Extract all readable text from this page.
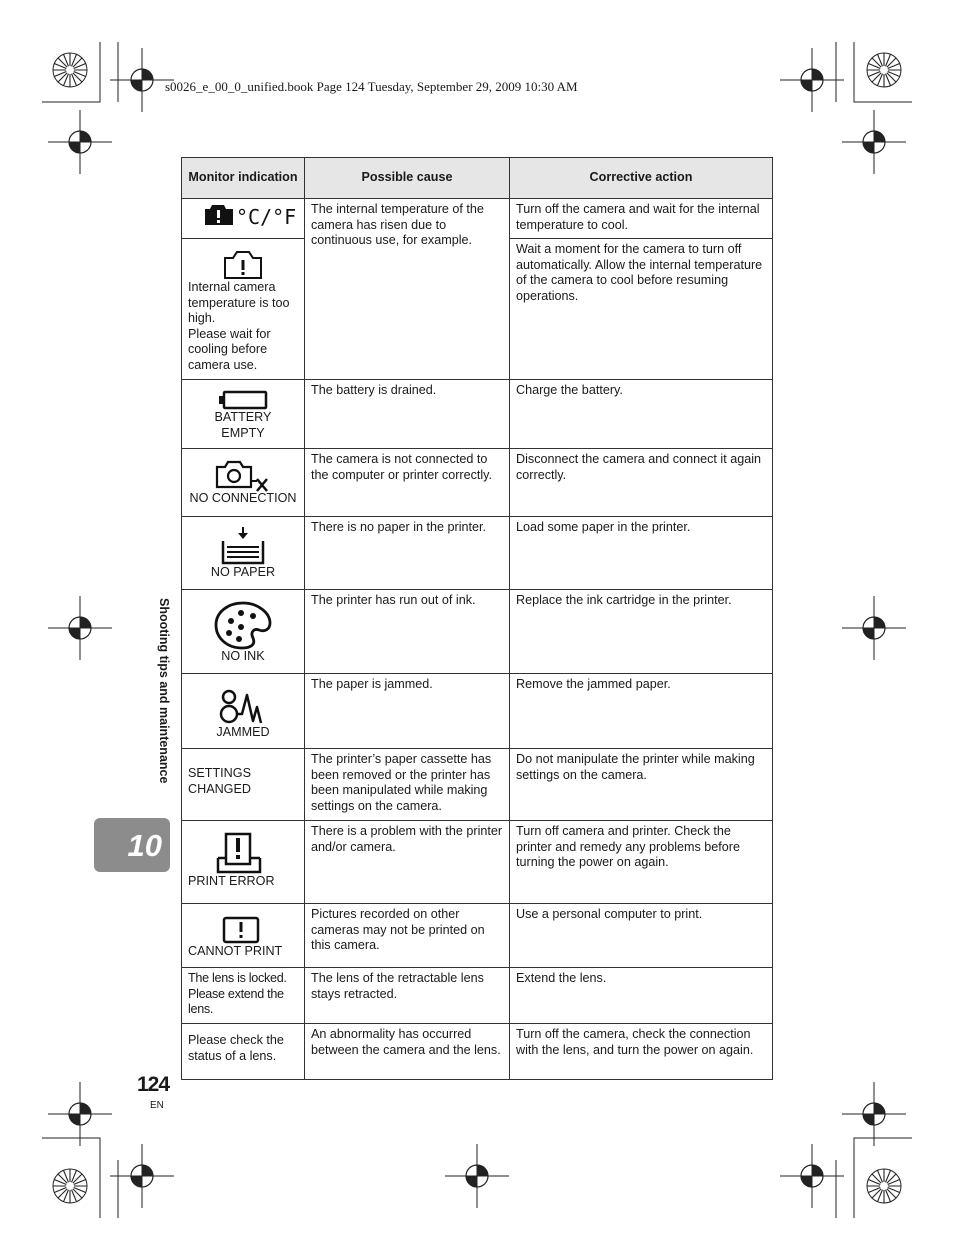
s0026_e_00_0_unified.book Page 124 Tuesday, September 29, 2009 10:30 AM
Monitor indication	Possible cause	Corrective action

°C/°F	The internal temperature of the camera has risen due to continuous use, for example.	Turn off the camera and wait for the internal temperature to cool.

Internal camera temperature is too high.
Please wait for cooling before camera use.		Wait a moment for the camera to turn off automatically. Allow the internal temperature of the camera to cool before resuming operations.

BATTERY
EMPTY	The battery is drained.	Charge the battery.

NO CONNECTION	The camera is not connected to the computer or printer correctly.	Disconnect the camera and connect it again correctly.

NO PAPER	There is no paper in the printer.	Load some paper in the printer.

NO INK	The printer has run out of ink.	Replace the ink cartridge in the printer.

JAMMED	The paper is jammed.	Remove the jammed paper.

SETTINGS
CHANGED	The printer’s paper cassette has been removed or the printer has been manipulated while making settings on the camera.	Do not manipulate the printer while making settings on the camera.

PRINT ERROR	There is a problem with the printer and/or camera.	Turn off camera and printer. Check the printer and remedy any problems before turning the power on again.

CANNOT PRINT	Pictures recorded on other cameras may not be printed on this camera.	Use a personal computer to print.

The lens is locked.
Please extend the lens.	The lens of the retractable lens stays retracted.	Extend the lens.

Please check the status of a lens.	An abnormality has occurred between the camera and the lens.	Turn off the camera, check the connection with the lens, and turn the power on again.
Shooting tips and maintenance
10
124
EN
